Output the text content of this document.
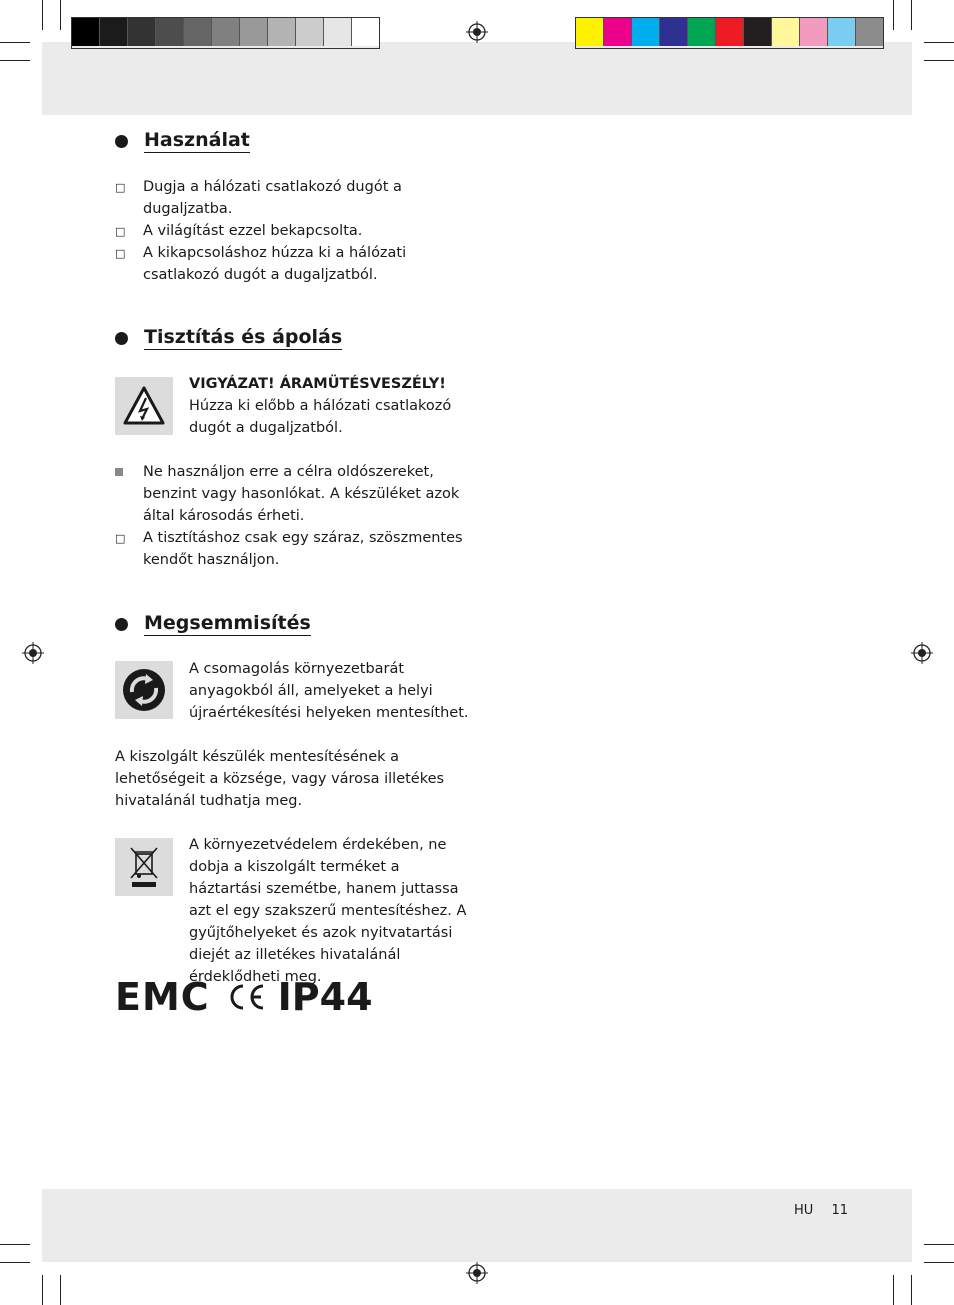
Használat
□	Dugja a hálózati csatlakozó dugót a dugaljzatba.
□	A világítást ezzel bekapcsolta.
□	A kikapcsoláshoz húzza ki a hálózati csatlakozó dugót a dugaljzatból.
Tisztítás és ápolás
VIGYÁZAT! ÁRAMÜTÉSVESZÉLY!
Húzza ki előbb a hálózati csatlakozó dugót a dugaljzatból.
Ne használjon erre a célra oldószereket, benzint vagy hasonlókat. A készüléket azok által károsodás érheti.
□	A tisztításhoz csak egy száraz, szöszmentes kendőt használjon.
Megsemmisítés
A csomagolás környezetbarát anyagokból áll, amelyeket a helyi újraértékesítési helyeken mentesíthet.
A kiszolgált készülék mentesítésének a lehetőségeit a községe, vagy városa illetékes hivatalánál tudhatja meg.
A környezetvédelem érdekében, ne dobja a kiszolgált terméket a háztartási szemétbe, hanem juttassa azt el egy szakszerű mentesítéshez. A gyűjtőhelyeket és azok nyitvatartási diejét az illetékes hivatalánál érdeklődheti meg.
EMC IP44
HU 11
